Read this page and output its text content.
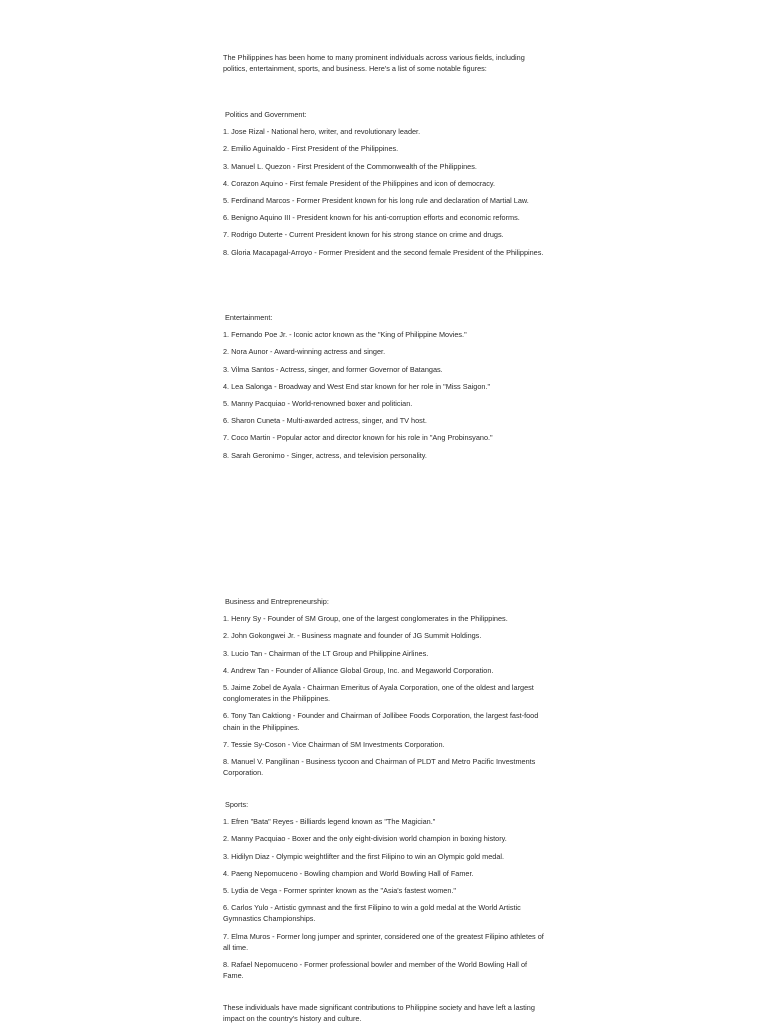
The Philippines has been home to many prominent individuals across various fields, including politics, entertainment, sports, and business. Here's a list of some notable figures:

Politics and Government:

1. Jose Rizal - National hero, writer, and revolutionary leader.

2. Emilio Aguinaldo - First President of the Philippines.

3. Manuel L. Quezon - First President of the Commonwealth of the Philippines.

4. Corazon Aquino - First female President of the Philippines and icon of democracy.

5. Ferdinand Marcos - Former President known for his long rule and declaration of Martial Law.

6. Benigno Aquino III - President known for his anti-corruption efforts and economic reforms.

7. Rodrigo Duterte - Current President known for his strong stance on crime and drugs.

8. Gloria Macapagal-Arroyo - Former President and the second female President of the Philippines.

Entertainment:

1. Fernando Poe Jr. - Iconic actor known as the "King of Philippine Movies."

2. Nora Aunor - Award-winning actress and singer.

3. Vilma Santos - Actress, singer, and former Governor of Batangas.

4. Lea Salonga - Broadway and West End star known for her role in "Miss Saigon."

5. Manny Pacquiao - World-renowned boxer and politician.

6. Sharon Cuneta - Multi-awarded actress, singer, and TV host.

7. Coco Martin - Popular actor and director known for his role in "Ang Probinsyano."

8. Sarah Geronimo - Singer, actress, and television personality.

Business and Entrepreneurship:

1. Henry Sy - Founder of SM Group, one of the largest conglomerates in the Philippines.

2. John Gokongwei Jr. - Business magnate and founder of JG Summit Holdings.

3. Lucio Tan - Chairman of the LT Group and Philippine Airlines.

4. Andrew Tan - Founder of Alliance Global Group, Inc. and Megaworld Corporation.

5. Jaime Zobel de Ayala - Chairman Emeritus of Ayala Corporation, one of the oldest and largest conglomerates in the Philippines.

6. Tony Tan Caktiong - Founder and Chairman of Jollibee Foods Corporation, the largest fast-food chain in the Philippines.

7. Tessie Sy-Coson - Vice Chairman of SM Investments Corporation.

8. Manuel V. Pangilinan - Business tycoon and Chairman of PLDT and Metro Pacific Investments Corporation.

Sports:

1. Efren "Bata" Reyes - Billiards legend known as "The Magician."

2. Manny Pacquiao - Boxer and the only eight-division world champion in boxing history.

3. Hidilyn Diaz - Olympic weightlifter and the first Filipino to win an Olympic gold medal.

4. Paeng Nepomuceno - Bowling champion and World Bowling Hall of Famer.

5. Lydia de Vega - Former sprinter known as the "Asia's fastest women."

6. Carlos Yulo - Artistic gymnast and the first Filipino to win a gold medal at the World Artistic Gymnastics Championships.

7. Elma Muros - Former long jumper and sprinter, considered one of the greatest Filipino athletes of all time.

8. Rafael Nepomuceno - Former professional bowler and member of the World Bowling Hall of Fame.

These individuals have made significant contributions to Philippine society and have left a lasting impact on the country's history and culture.
